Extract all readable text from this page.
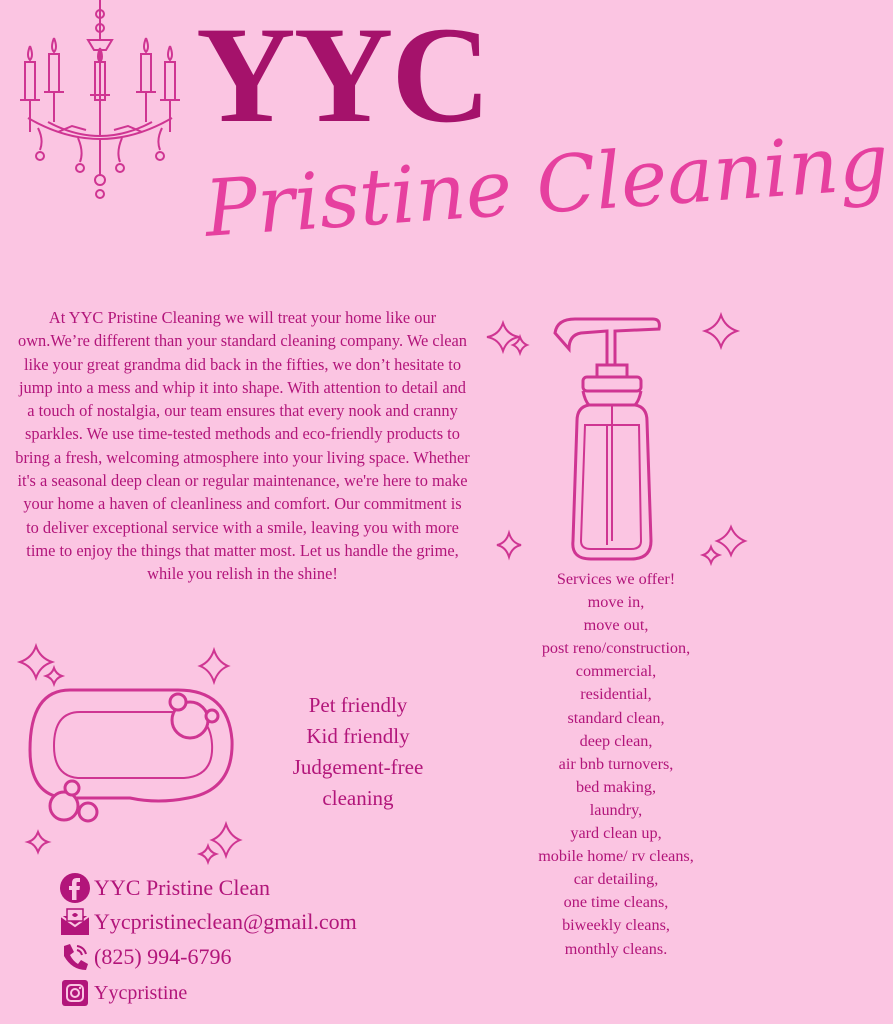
YYC
Pristine Cleaning
At YYC Pristine Cleaning we will treat your home like our own.We’re different than your standard cleaning company. We clean like your great grandma did back in the fifties, we don’t hesitate to jump into a mess and whip it into shape. With attention to detail and a touch of nostalgia, our team ensures that every nook and cranny sparkles. We use time-tested methods and eco-friendly products to bring a fresh, welcoming atmosphere into your living space. Whether it's a seasonal deep clean or regular maintenance, we're here to make your home a haven of cleanliness and comfort. Our commitment is to deliver exceptional service with a smile, leaving you with more time to enjoy the things that matter most. Let us handle the grime, while you relish in the shine!
Pet friendly
Kid friendly
Judgement-free
cleaning
Services we offer!
move in,
move out,
post reno/construction,
commercial,
residential,
standard clean,
deep clean,
air bnb turnovers,
bed making,
laundry,
yard clean up,
mobile home/ rv cleans,
car detailing,
one time cleans,
biweekly cleans,
monthly cleans.
YYC Pristine Clean
Yycpristineclean@gmail.com
(825) 994-6796
Yycpristine
